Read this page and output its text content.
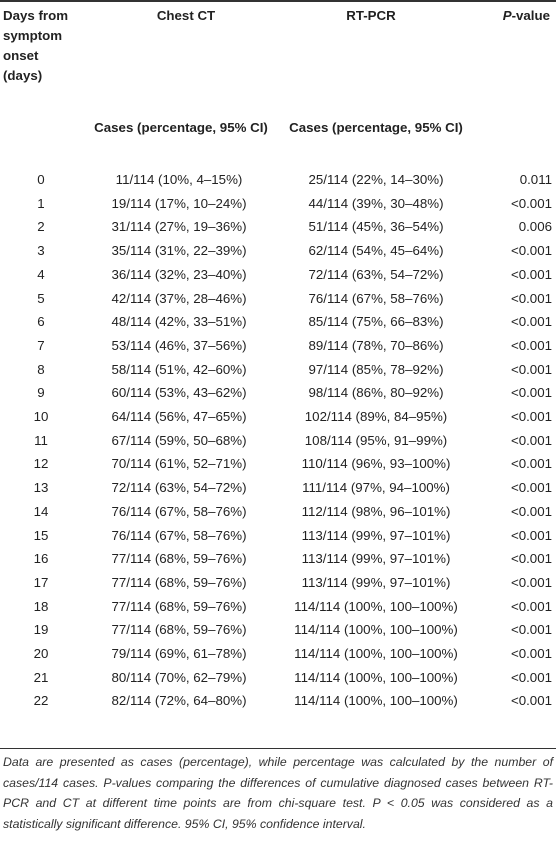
Days from symptom onset (days)
Chest CT	RT-PCR	P-value
Cases (percentage, 95% CI)	Cases (percentage, 95% CI)
0	11/114 (10%, 4–15%)	25/114 (22%, 14–30%)	0.011
1	19/114 (17%, 10–24%)	44/114 (39%, 30–48%)	<0.001
2	31/114 (27%, 19–36%)	51/114 (45%, 36–54%)	0.006
3	35/114 (31%, 22–39%)	62/114 (54%, 45–64%)	<0.001
4	36/114 (32%, 23–40%)	72/114 (63%, 54–72%)	<0.001
5	42/114 (37%, 28–46%)	76/114 (67%, 58–76%)	<0.001
6	48/114 (42%, 33–51%)	85/114 (75%, 66–83%)	<0.001
7	53/114 (46%, 37–56%)	89/114 (78%, 70–86%)	<0.001
8	58/114 (51%, 42–60%)	97/114 (85%, 78–92%)	<0.001
9	60/114 (53%, 43–62%)	98/114 (86%, 80–92%)	<0.001
10	64/114 (56%, 47–65%)	102/114 (89%, 84–95%)	<0.001
11	67/114 (59%, 50–68%)	108/114 (95%, 91–99%)	<0.001
12	70/114 (61%, 52–71%)	110/114 (96%, 93–100%)	<0.001
13	72/114 (63%, 54–72%)	111/114 (97%, 94–100%)	<0.001
14	76/114 (67%, 58–76%)	112/114 (98%, 96–101%)	<0.001
15	76/114 (67%, 58–76%)	113/114 (99%, 97–101%)	<0.001
16	77/114 (68%, 59–76%)	113/114 (99%, 97–101%)	<0.001
17	77/114 (68%, 59–76%)	113/114 (99%, 97–101%)	<0.001
18	77/114 (68%, 59–76%)	114/114 (100%, 100–100%)	<0.001
19	77/114 (68%, 59–76%)	114/114 (100%, 100–100%)	<0.001
20	79/114 (69%, 61–78%)	114/114 (100%, 100–100%)	<0.001
21	80/114 (70%, 62–79%)	114/114 (100%, 100–100%)	<0.001
22	82/114 (72%, 64–80%)	114/114 (100%, 100–100%)	<0.001
Data are presented as cases (percentage), while percentage was calculated by the number of cases/114 cases. P-values comparing the differences of cumulative diagnosed cases between RT-PCR and CT at different time points are from chi-square test. P < 0.05 was considered as a statistically significant difference. 95% CI, 95% confidence interval.
